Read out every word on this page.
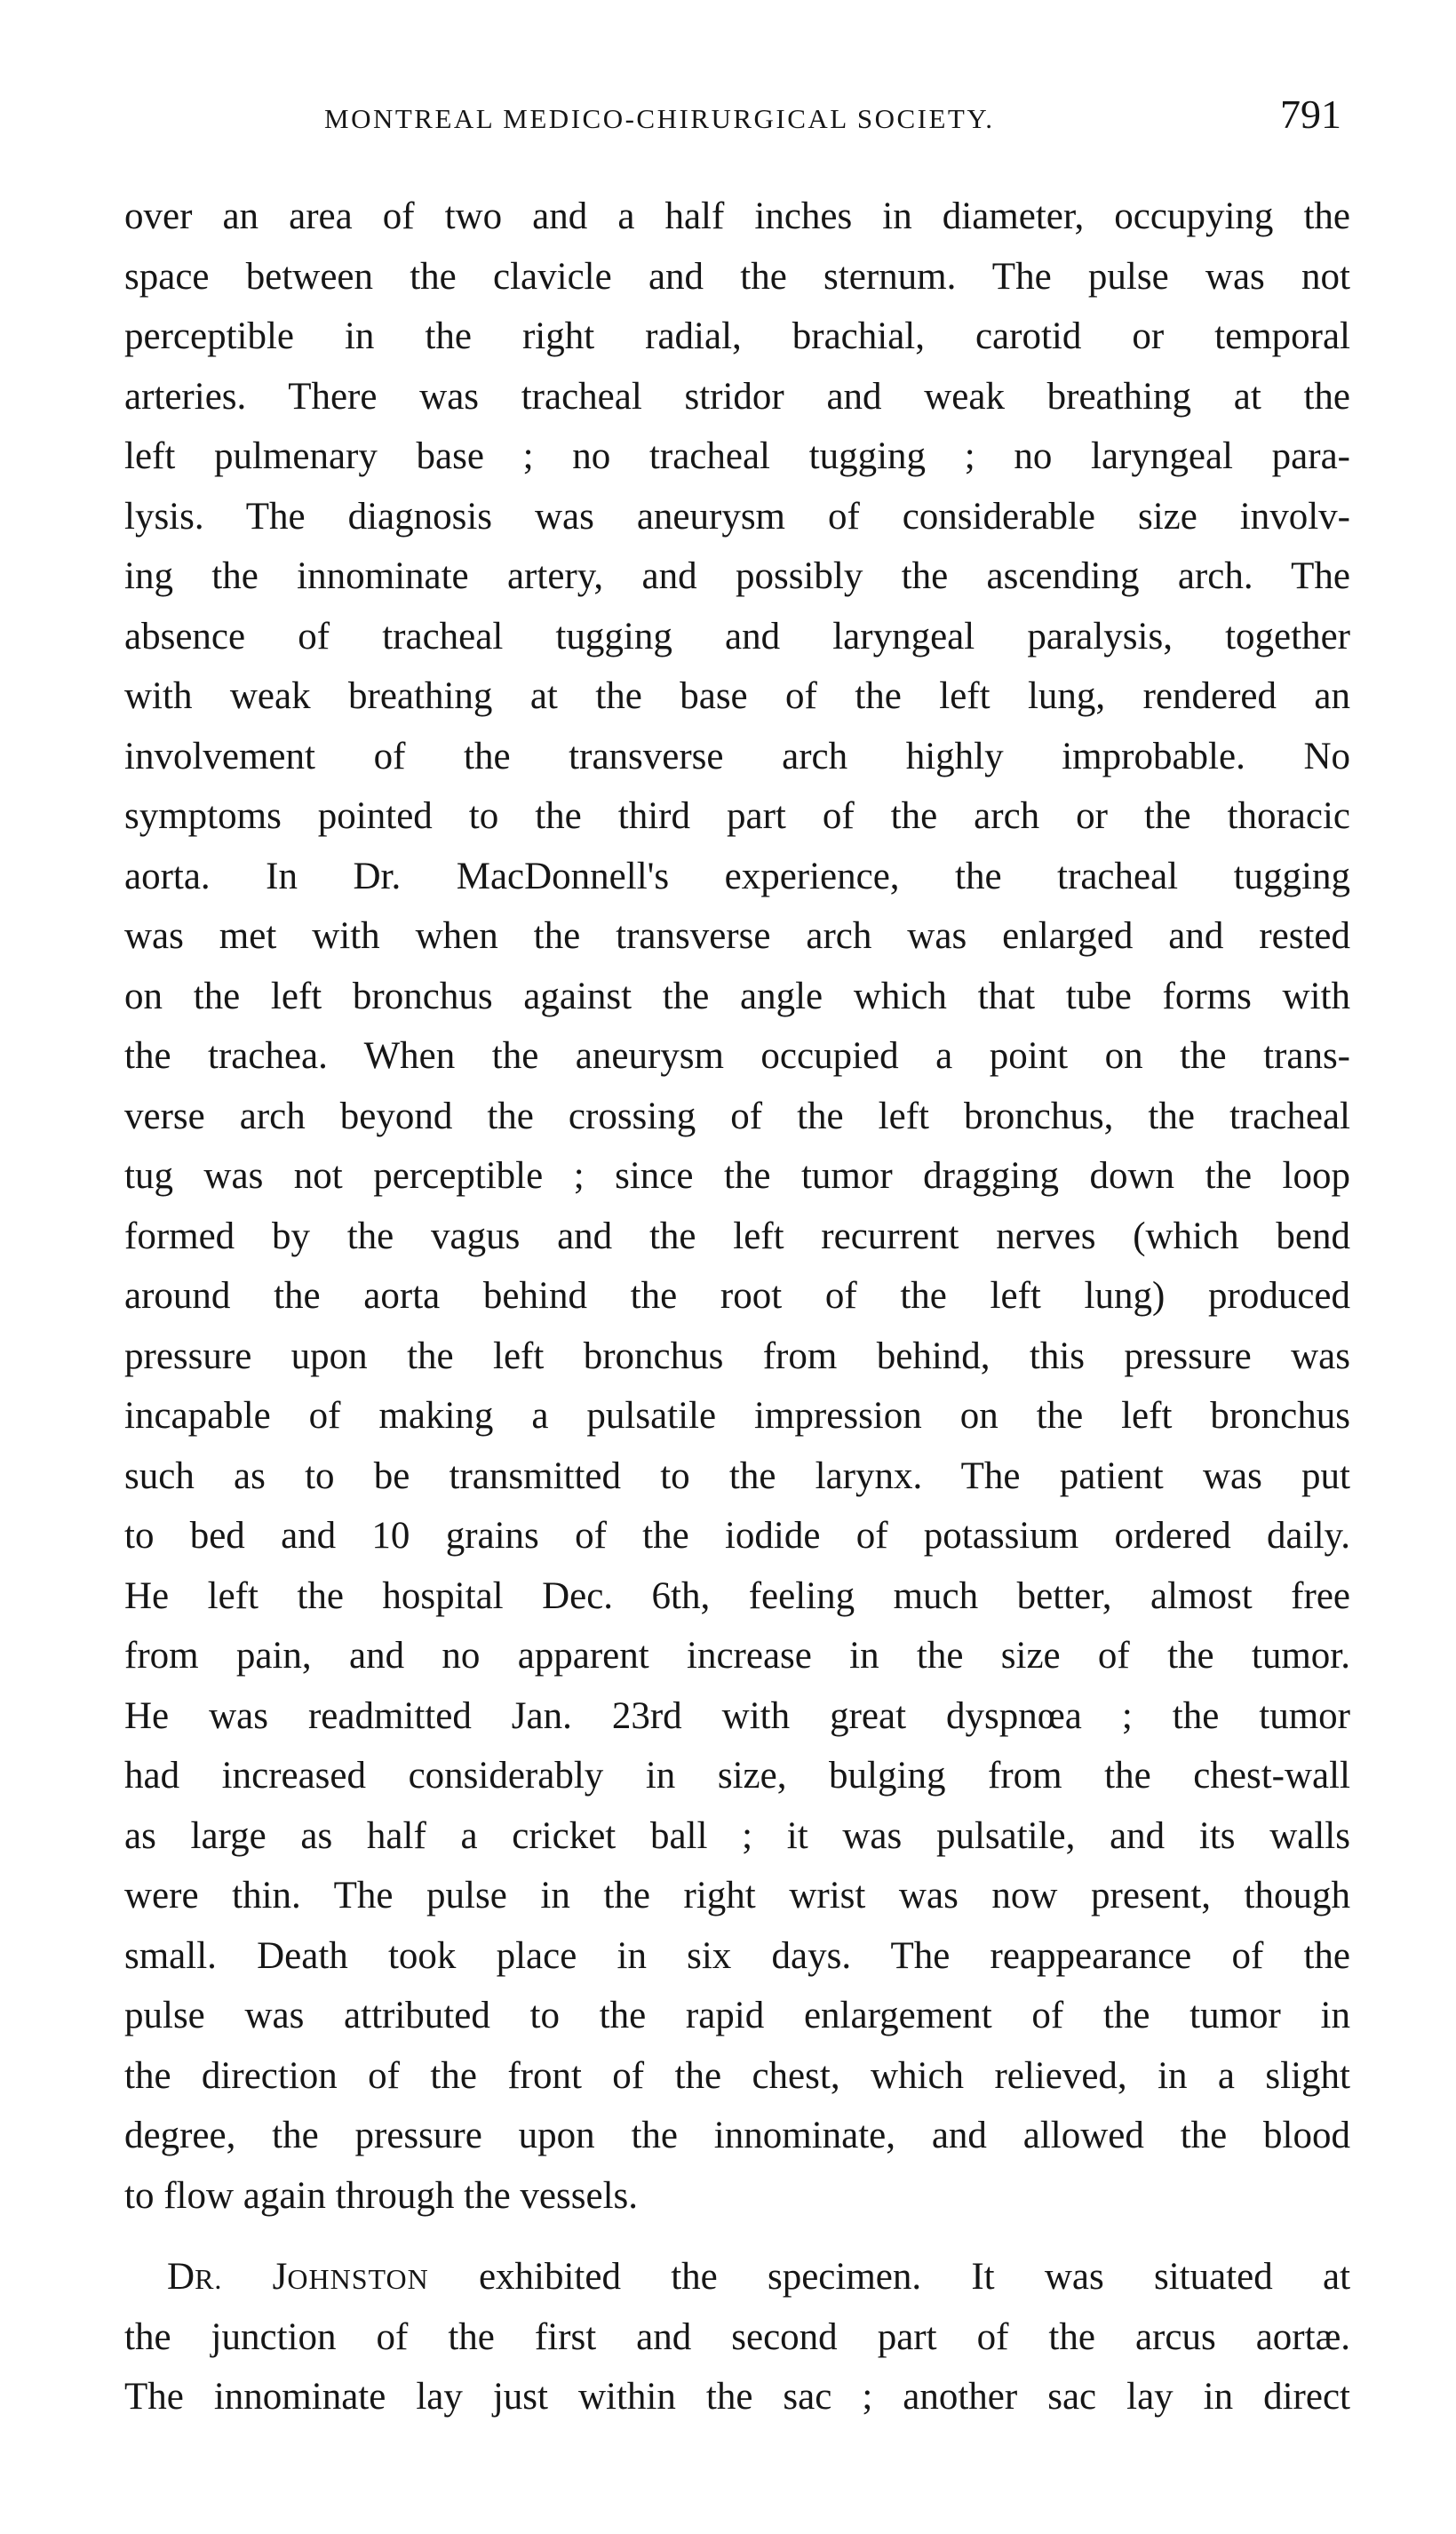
MONTREAL MEDICO-CHIRURGICAL SOCIETY.	791
over an area of two and a half inches in diameter, occupying the
space between the clavicle and the sternum. The pulse was not
perceptible in the right radial, brachial, carotid or temporal
arteries. There was tracheal stridor and weak breathing at the
left pulmenary base ; no tracheal tugging ; no laryngeal para-
lysis. The diagnosis was aneurysm of considerable size involv-
ing the innominate artery, and possibly the ascending arch. The
absence of tracheal tugging and laryngeal paralysis, together
with weak breathing at the base of the left lung, rendered an
involvement of the transverse arch highly improbable. No
symptoms pointed to the third part of the arch or the thoracic
aorta. In Dr. MacDonnell's experience, the tracheal tugging
was met with when the transverse arch was enlarged and rested
on the left bronchus against the angle which that tube forms with
the trachea. When the aneurysm occupied a point on the trans-
verse arch beyond the crossing of the left bronchus, the tracheal
tug was not perceptible ; since the tumor dragging down the loop
formed by the vagus and the left recurrent nerves (which bend
around the aorta behind the root of the left lung) produced
pressure upon the left bronchus from behind, this pressure was
incapable of making a pulsatile impression on the left bronchus
such as to be transmitted to the larynx. The patient was put
to bed and 10 grains of the iodide of potassium ordered daily.
He left the hospital Dec. 6th, feeling much better, almost free
from pain, and no apparent increase in the size of the tumor.
He was readmitted Jan. 23rd with great dyspnœa ; the tumor
had increased considerably in size, bulging from the chest-wall
as large as half a cricket ball ; it was pulsatile, and its walls
were thin. The pulse in the right wrist was now present, though
small. Death took place in six days. The reappearance of the
pulse was attributed to the rapid enlargement of the tumor in
the direction of the front of the chest, which relieved, in a slight
degree, the pressure upon the innominate, and allowed the blood
to flow again through the vessels.
DR. JOHNSTON exhibited the specimen. It was situated at
the junction of the first and second part of the arcus aortæ.
The innominate lay just within the sac ; another sac lay in direct
